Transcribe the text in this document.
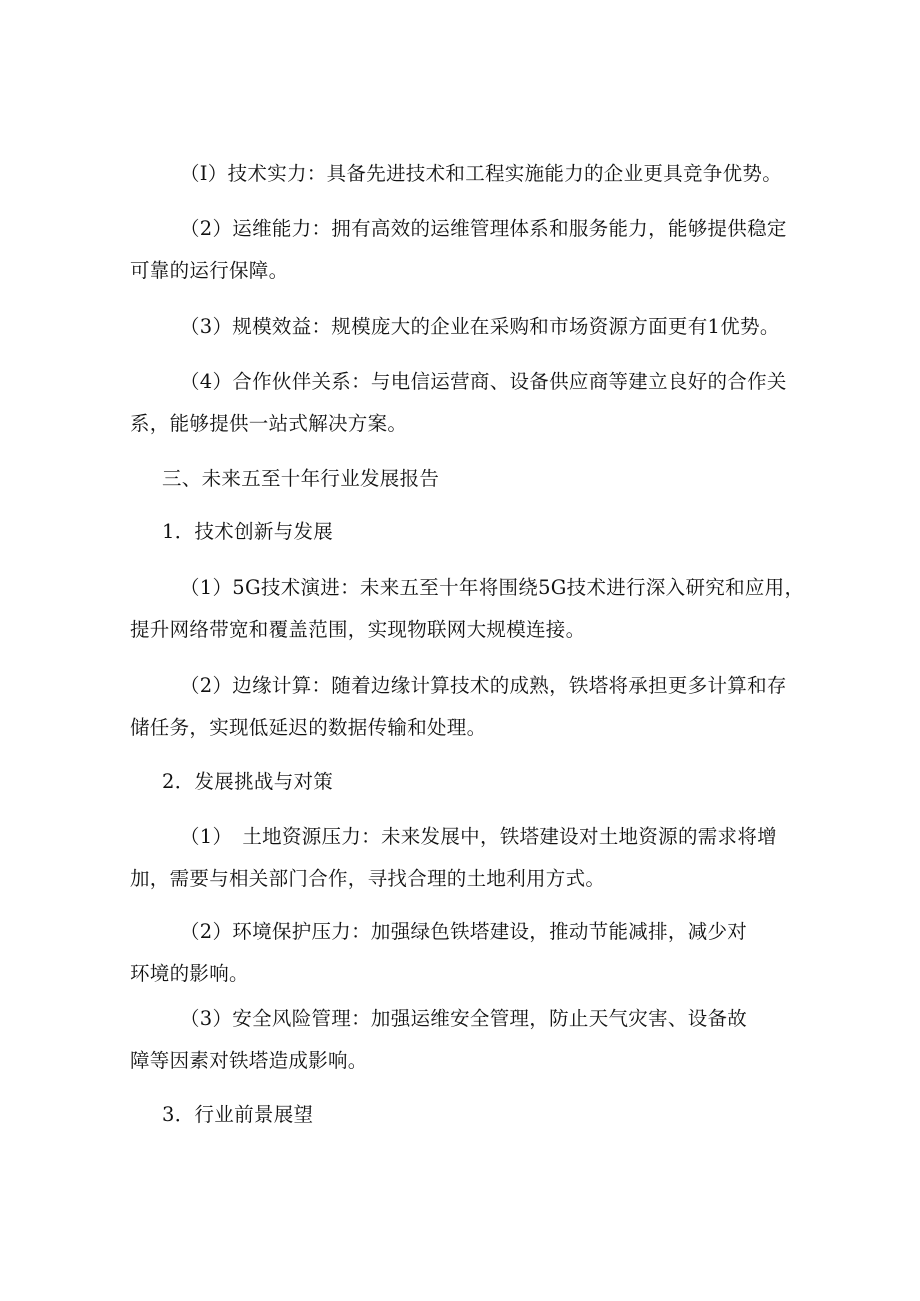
（I）技术实力：具备先进技术和工程实施能力的企业更具竞争优势。
（2）运维能力：拥有高效的运维管理体系和服务能力，能够提供稳定
可靠的运行保障。
（3）规模效益：规模庞大的企业在采购和市场资源方面更有1优势。
（4）合作伙伴关系：与电信运营商、设备供应商等建立良好的合作关
系，能够提供一站式解决方案。
三、未来五至十年行业发展报告
1．技术创新与发展
（1）5G技术演进：未来五至十年将围绕5G技术进行深入研究和应用，
提升网络带宽和覆盖范围，实现物联网大规模连接。
（2）边缘计算：随着边缘计算技术的成熟，铁塔将承担更多计算和存
储任务，实现低延迟的数据传输和处理。
2．发展挑战与对策
（1）　土地资源压力：未来发展中，铁塔建设对土地资源的需求将增
加，需要与相关部门合作，寻找合理的土地利用方式。
（2）环境保护压力：加强绿色铁塔建设，推动节能减排，减少对
环境的影响。
（3）安全风险管理：加强运维安全管理，防止天气灾害、设备故
障等因素对铁塔造成影响。
3．行业前景展望
